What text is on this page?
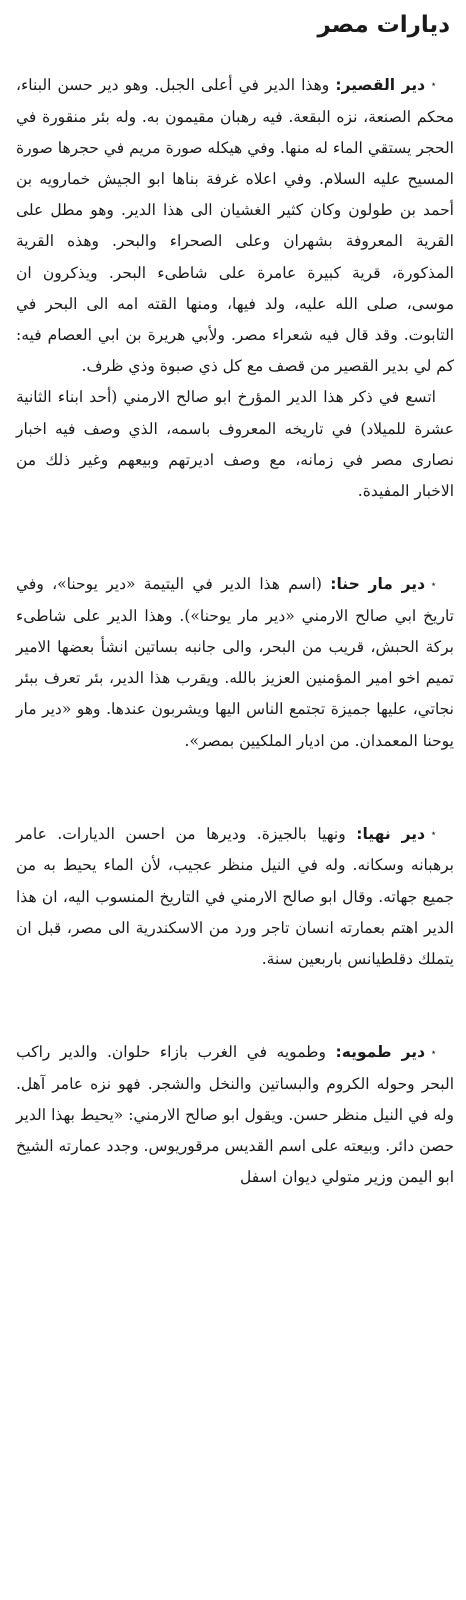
ديارات مصر

٭دير القصير: وهذا الدير في أعلى الجبل. وهو دير حسن البناء، محكم الصنعة، نزه البقعة. فيه رهبان مقيمون به. وله بئر منقورة في الحجر يستقي الماء له منها. وفي هيكله صورة مريم في حجرها صورة المسيح عليه السلام. وفي اعلاه غرفة بناها ابو الجيش خمارويه بن أحمد بن طولون وكان كثير الغشيان الى هذا الدير. وهو مطل على القرية المعروفة بشهران وعلى الصحراء والبحر. وهذه القرية المذكورة، قرية كبيرة عامرة على شاطىء البحر. ويذكرون ان موسى، صلى الله عليه، ولد فيها، ومنها القته امه الى البحر في التابوت. وقد قال فيه شعراء مصر. ولأبي هريرة بن ابي العصام فيه: كم لي بدير القصير من قصف مع كل ذي صبوة وذي ظرف.

اتسع في ذكر هذا الدير المؤرخ ابو صالح الارمني (أحد ابناء الثانية عشرة للميلاد) في تاريخه المعروف باسمه، الذي وصف فيه اخبار نصارى مصر في زمانه، مع وصف اديرتهم وبيعهم وغير ذلك من الاخبار المفيدة.

٭دير مار حنا: (اسم هذا الدير في اليتيمة «دير يوحنا»، وفي تاريخ ابي صالح الارمني «دير مار يوحنا»). وهذا الدير على شاطىء بركة الحبش، قريب من البحر، والى جانبه بساتين انشأ بعضها الامير تميم اخو امير المؤمنين العزيز بالله. ويقرب هذا الدير، بئر تعرف ببئر نجاتي، عليها جميزة تجتمع الناس اليها ويشربون عندها. وهو «دير مار يوحنا المعمدان. من اديار الملكيين بمصر».

٭دير نهيا: ونهيا بالجيزة. وديرها من احسن الديارات. عامر برهبانه وسكانه. وله في النيل منظر عجيب، لأن الماء يحيط به من جميع جهاته. وقال ابو صالح الارمني في التاريخ المنسوب اليه، ان هذا الدير اهتم بعمارته انسان تاجر ورد من الاسكندرية الى مصر، قبل ان يتملك دقلطيانس باربعين سنة.

٭دير طمويه: وطمويه في الغرب بازاء حلوان. والدير راكب البحر وحوله الكروم والبساتين والنخل والشجر. فهو نزه عامر آهل. وله في النيل منظر حسن. ويقول ابو صالح الارمني: «يحيط بهذا الدير حصن دائر. وبيعته على اسم القديس مرقوريوس. وجدد عمارته الشيخ ابو اليمن وزير متولي ديوان اسفل
